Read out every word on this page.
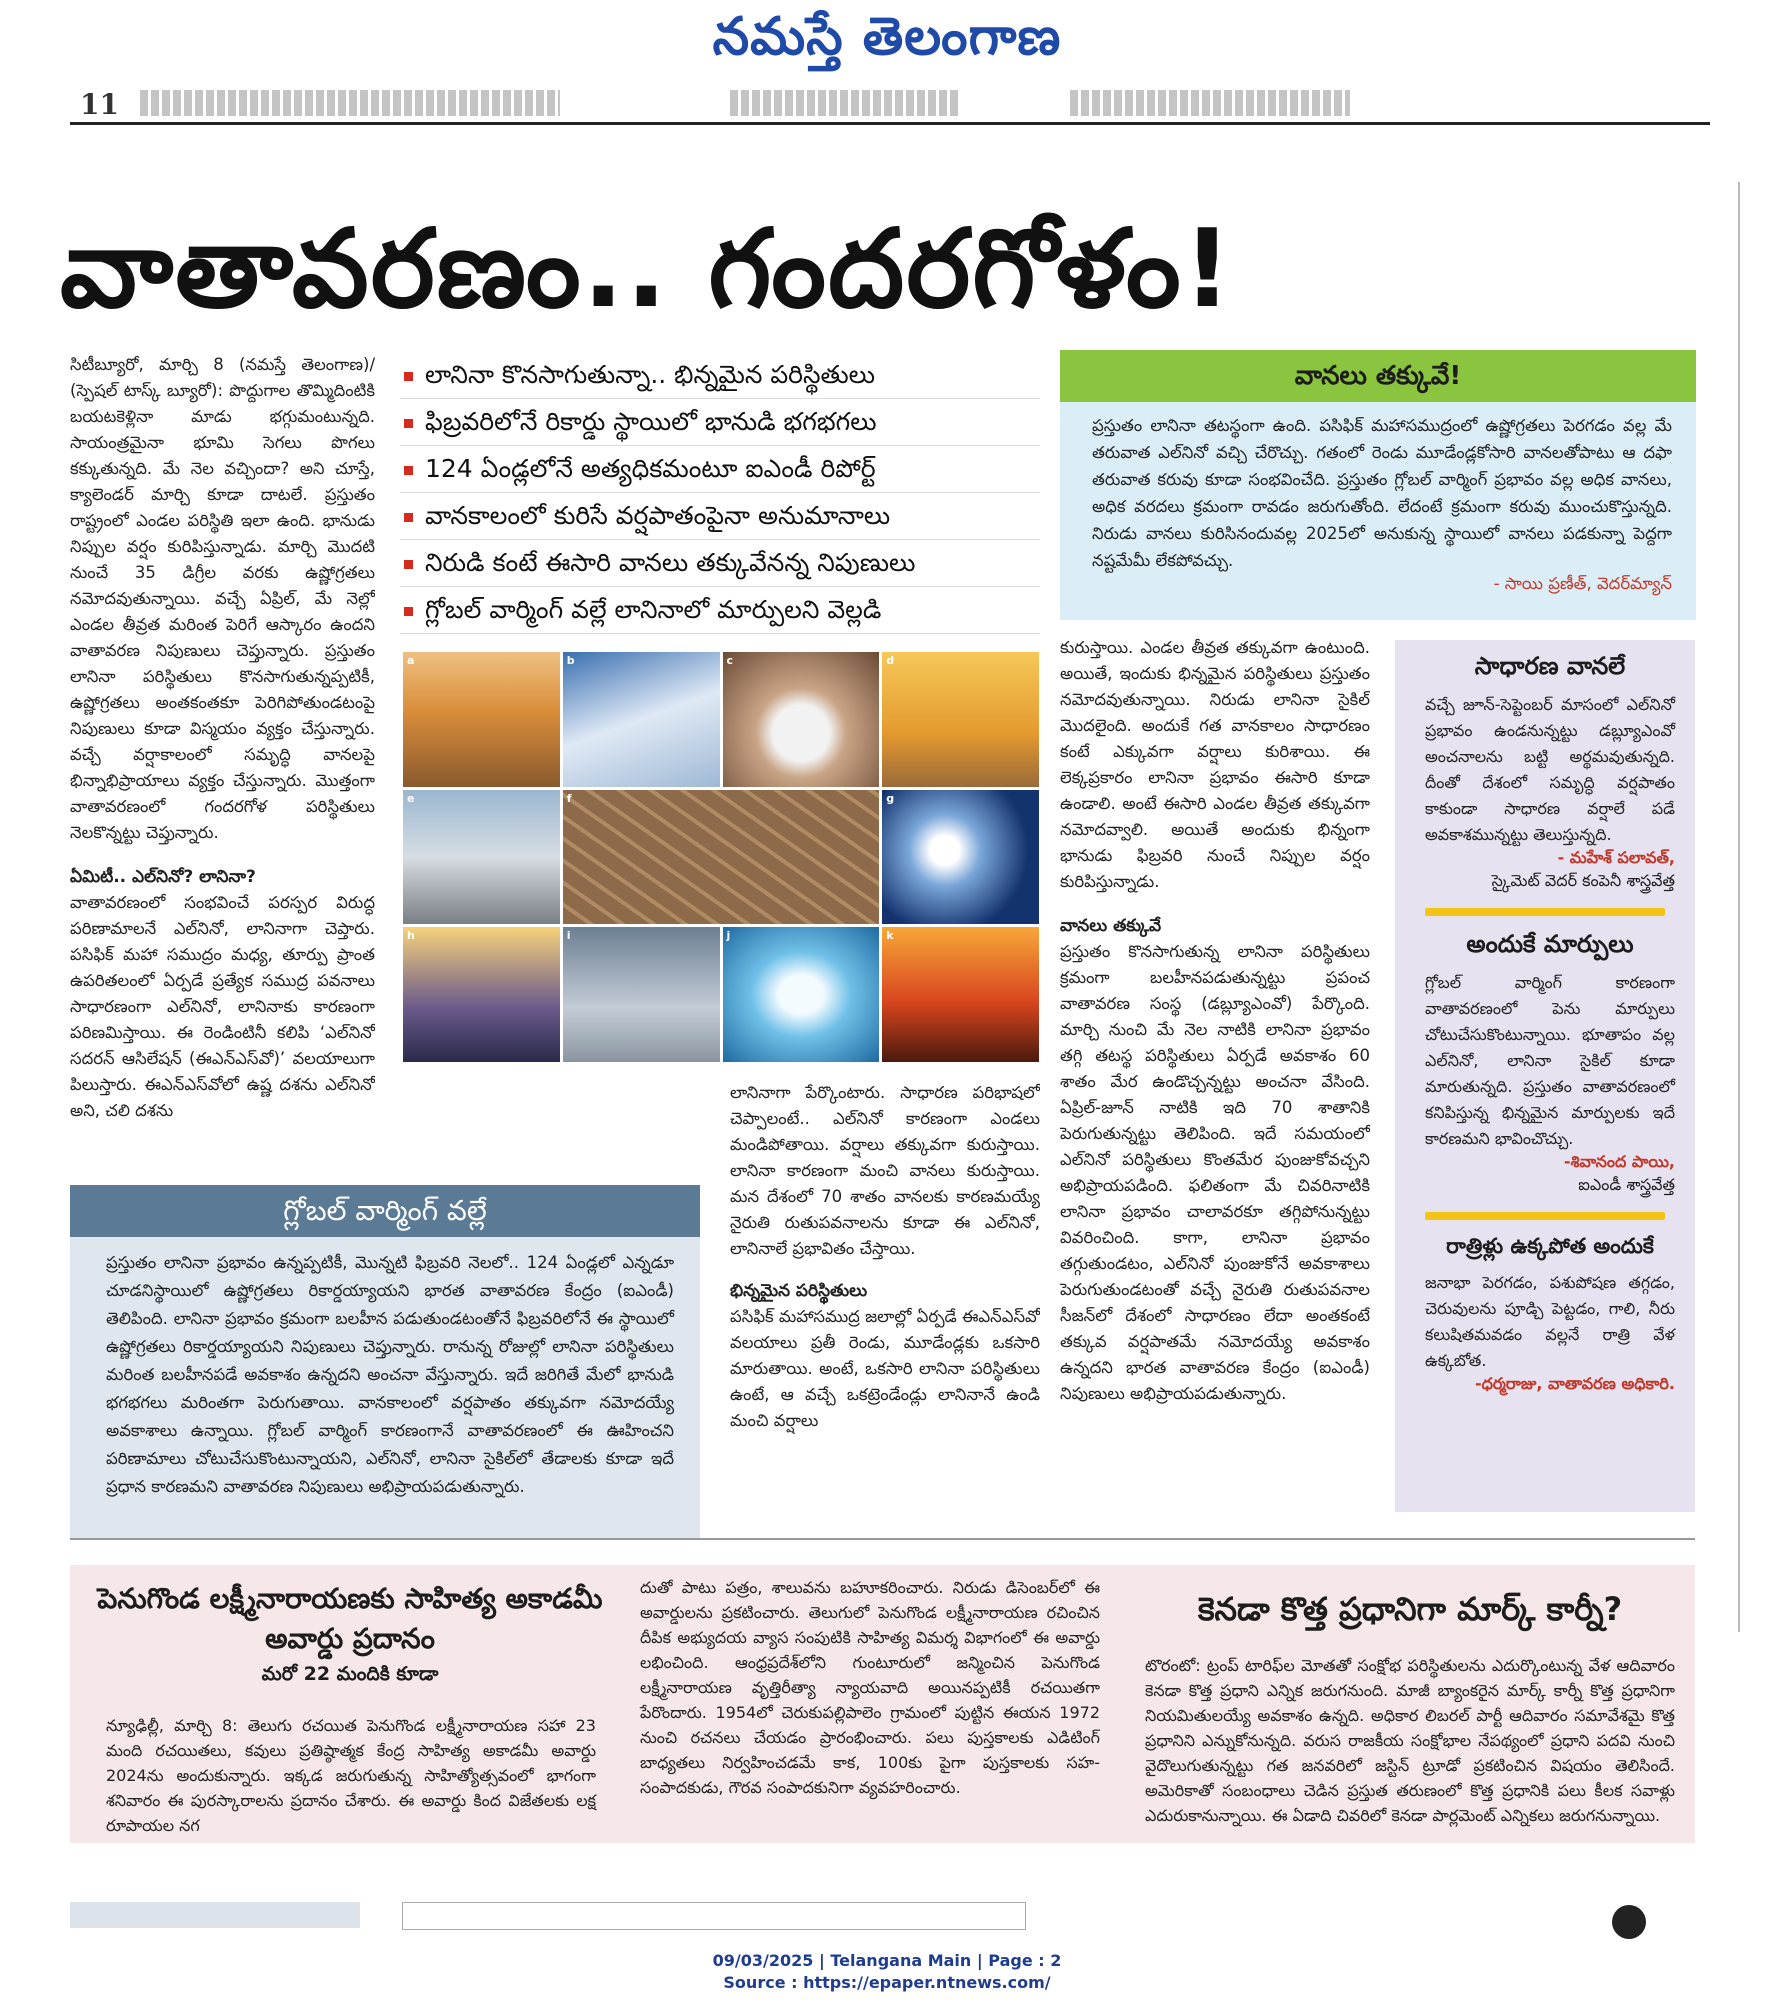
నమస్తే తెలంగాణ
11
వాతావరణం.. గందరగోళం!
సిటీబ్యూరో, మార్చి 8 (నమస్తే తెలంగాణ)/ (స్పెషల్ టాస్క్ బ్యూరో): పొద్దుగాల తొమ్మిదింటికి బయటకెళ్లినా మాడు భగ్గుమంటున్నది. సాయంత్రమైనా భూమి సెగలు పొగలు కక్కుతున్నది. మే నెల వచ్చిందా? అని చూస్తే, క్యాలెండర్ మార్చి కూడా దాటలే. ప్రస్తుతం రాష్ట్రంలో ఎండల పరిస్థితి ఇలా ఉంది. భానుడు నిప్పుల వర్షం కురిపిస్తున్నాడు. మార్చి మొదటి నుంచే 35 డిగ్రీల వరకు ఉష్ణోగ్రతలు నమోదవుతున్నాయి. వచ్చే ఏప్రిల్, మే నెల్లో ఎండల తీవ్రత మరింత పెరిగే ఆస్కారం ఉందని వాతావరణ నిపుణులు చెప్తున్నారు. ప్రస్తుతం లానినా పరిస్థితులు కొనసాగుతున్నప్పటికీ, ఉష్ణోగ్రతలు అంతకంతకూ పెరిగిపోతుండటంపై నిపుణులు కూడా విస్మయం వ్యక్తం చేస్తున్నారు. వచ్చే వర్షాకాలంలో సమృద్ధి వానలపై భిన్నాభిప్రాయాలు వ్యక్తం చేస్తున్నారు. మొత్తంగా వాతావరణంలో గందరగోళ పరిస్థితులు నెలకొన్నట్టు చెప్తున్నారు.
ఏమిటీ.. ఎల్‌నినో? లానినా?
వాతావరణంలో సంభవించే పరస్పర విరుద్ధ పరిణామాలనే ఎల్‌నినో, లానినాగా చెప్తారు. పసిఫిక్ మహా సముద్రం మధ్య, తూర్పు ప్రాంత ఉపరితలంలో ఏర్పడే ప్రత్యేక సముద్ర పవనాలు సాధారణంగా ఎల్‌నినో, లానినాకు కారణంగా పరిణమిస్తాయి. ఈ రెండింటినీ కలిపి ‘ఎల్‌నినో సదరన్ ఆసిలేషన్ (ఈఎన్‌ఎస్‌వో)’ వలయాలుగా పిలుస్తారు. ఈఎన్‌ఎస్‌వోలో ఉష్ణ దశను ఎల్‌నినో అని, చలి దశను
లానినా కొనసాగుతున్నా.. భిన్నమైన పరిస్థితులు
ఫిబ్రవరిలోనే రికార్డు స్థాయిలో భానుడి భగభగలు
124 ఏండ్లలోనే అత్యధికమంటూ ఐఎండీ రిపోర్ట్
వానకాలంలో కురిసే వర్షపాతంపైనా అనుమానాలు
నిరుడి కంటే ఈసారి వానలు తక్కువేనన్న నిపుణులు
గ్లోబల్ వార్మింగ్ వల్లే లానినాలో మార్పులని వెల్లడి
a	b	c	d
e	f	g
h	i	j	k
లానినాగా పేర్కొంటారు. సాధారణ పరిభాషలో చెప్పాలంటే.. ఎల్‌నినో కారణంగా ఎండలు మండిపోతాయి. వర్షాలు తక్కువగా కురుస్తాయి. లానినా కారణంగా మంచి వానలు కురుస్తాయి. మన దేశంలో 70 శాతం వానలకు కారణమయ్యే నైరుతి రుతుపవనాలను కూడా ఈ ఎల్‌నినో, లానినాలే ప్రభావితం చేస్తాయి.
భిన్నమైన పరిస్థితులు
పసిఫిక్ మహాసముద్ర జలాల్లో ఏర్పడే ఈఎన్‌ఎస్‌వో వలయాలు ప్రతీ రెండు, మూడేండ్లకు ఒకసారి మారుతాయి. అంటే, ఒకసారి లానినా పరిస్థితులు ఉంటే, ఆ వచ్చే ఒకట్రెండేండ్లు లానినానే ఉండి మంచి వర్షాలు
వానలు తక్కువే!
ప్రస్తుతం లానినా తటస్థంగా ఉంది. పసిఫిక్ మహాసముద్రంలో ఉష్ణోగ్రతలు పెరగడం వల్ల మే తరువాత ఎల్‌నినో వచ్చి చేరొచ్చు. గతంలో రెండు మూడేండ్లకోసారి వానలతోపాటు ఆ దఫా తరువాత కరువు కూడా సంభవించేది. ప్రస్తుతం గ్లోబల్ వార్మింగ్ ప్రభావం వల్ల అధిక వానలు, అధిక వరదలు క్రమంగా రావడం జరుగుతోంది. లేదంటే క్రమంగా కరువు ముంచుకొస్తున్నది. నిరుడు వానలు కురిసినందువల్ల 2025లో అనుకున్న స్థాయిలో వానలు పడకున్నా పెద్దగా నష్టమేమీ లేకపోవచ్చు.
- సాయి ప్రణీత్, వెదర్‌మ్యాన్
కురుస్తాయి. ఎండల తీవ్రత తక్కువగా ఉంటుంది. అయితే, ఇందుకు భిన్నమైన పరిస్థితులు ప్రస్తుతం నమోదవుతున్నాయి. నిరుడు లానినా సైకిల్ మొదలైంది. అందుకే గత వానకాలం సాధారణం కంటే ఎక్కువగా వర్షాలు కురిశాయి. ఈ లెక్కప్రకారం లానినా ప్రభావం ఈసారి కూడా ఉండాలి. అంటే ఈసారి ఎండల తీవ్రత తక్కువగా నమోదవ్వాలి. అయితే అందుకు భిన్నంగా భానుడు ఫిబ్రవరి నుంచే నిప్పుల వర్షం కురిపిస్తున్నాడు.
వానలు తక్కువే
ప్రస్తుతం కొనసాగుతున్న లానినా పరిస్థితులు క్రమంగా బలహీనపడుతున్నట్టు ప్రపంచ వాతావరణ సంస్థ (డబ్ల్యూఎంవో) పేర్కొంది. మార్చి నుంచి మే నెల నాటికి లానినా ప్రభావం తగ్గి తటస్థ పరిస్థితులు ఏర్పడే అవకాశం 60 శాతం మేర ఉండొచ్చన్నట్టు అంచనా వేసింది. ఏప్రిల్-జూన్ నాటికి ఇది 70 శాతానికి పెరుగుతున్నట్టు తెలిపింది. ఇదే సమయంలో ఎల్‌నినో పరిస్థితులు కొంతమేర పుంజుకోవచ్చని అభిప్రాయపడింది. ఫలితంగా మే చివరినాటికి లానినా ప్రభావం చాలావరకూ తగ్గిపోనున్నట్టు వివరించింది. కాగా, లానినా ప్రభావం తగ్గుతుండటం, ఎల్‌నినో పుంజుకోనే అవకాశాలు పెరుగుతుండటంతో వచ్చే నైరుతి రుతుపవనాల సీజన్‌లో దేశంలో సాధారణం లేదా అంతకంటే తక్కువ వర్షపాతమే నమోదయ్యే అవకాశం ఉన్నదని భారత వాతావరణ కేంద్రం (ఐఎండీ) నిపుణులు అభిప్రాయపడుతున్నారు.
సాధారణ వానలే
వచ్చే జూన్-సెప్టెంబర్ మాసంలో ఎల్‌నినో ప్రభావం ఉండనున్నట్టు డబ్ల్యూఎంవో అంచనాలను బట్టి అర్థమవుతున్నది. దీంతో దేశంలో సమృద్ధి వర్షపాతం కాకుండా సాధారణ వర్షాలే పడే అవకాశమున్నట్టు తెలుస్తున్నది.
- మహేశ్ పలావత్,
స్కైమెట్ వెదర్ కంపెనీ శాస్త్రవేత్త
అందుకే మార్పులు
గ్లోబల్ వార్మింగ్ కారణంగా వాతావరణంలో పెను మార్పులు చోటుచేసుకొంటున్నాయి. భూతాపం వల్ల ఎల్‌నినో, లానినా సైకిల్ కూడా మారుతున్నది. ప్రస్తుతం వాతావరణంలో కనిపిస్తున్న భిన్నమైన మార్పులకు ఇదే కారణమని భావించొచ్చు.
-శివానంద పాయి,
ఐఎండీ శాస్త్రవేత్త
రాత్రిళ్లు ఉక్కపోత అందుకే
జనాభా పెరగడం, పశుపోషణ తగ్గడం, చెరువులను పూడ్చి పెట్టడం, గాలి, నీరు కలుషితమవడం వల్లనే రాత్రి వేళ ఉక్కబోత.
-ధర్మరాజు, వాతావరణ అధికారి.
గ్లోబల్ వార్మింగ్ వల్లే
ప్రస్తుతం లానినా ప్రభావం ఉన్నప్పటికీ, మొన్నటి ఫిబ్రవరి నెలలో.. 124 ఏండ్లలో ఎన్నడూ చూడనిస్థాయిలో ఉష్ణోగ్రతలు రికార్డయ్యాయని భారత వాతావరణ కేంద్రం (ఐఎండీ) తెలిపింది. లానినా ప్రభావం క్రమంగా బలహీన పడుతుండటంతోనే ఫిబ్రవరిలోనే ఈ స్థాయిలో ఉష్ణోగ్రతలు రికార్డయ్యాయని నిపుణులు చెప్తున్నారు. రానున్న రోజుల్లో లానినా పరిస్థితులు మరింత బలహీనపడే అవకాశం ఉన్నదని అంచనా వేస్తున్నారు. ఇదే జరిగితే మేలో భానుడి భగభగలు మరింతగా పెరుగుతాయి. వానకాలంలో వర్షపాతం తక్కువగా నమోదయ్యే అవకాశాలు ఉన్నాయి. గ్లోబల్ వార్మింగ్ కారణంగానే వాతావరణంలో ఈ ఊహించని పరిణామాలు చోటుచేసుకొంటున్నాయని, ఎల్‌నినో, లానినా సైకిల్‌లో తేడాలకు కూడా ఇదే ప్రధాన కారణమని వాతావరణ నిపుణులు అభిప్రాయపడుతున్నారు.
పెనుగొండ లక్ష్మీనారాయణకు సాహిత్య అకాడమీ అవార్డు ప్రదానం
మరో 22 మందికి కూడా
న్యూఢిల్లీ, మార్చి 8: తెలుగు రచయిత పెనుగొండ లక్ష్మీనారాయణ సహా 23 మంది రచయితలు, కవులు ప్రతిష్ఠాత్మక కేంద్ర సాహిత్య అకాడమీ అవార్డు 2024ను అందుకున్నారు. ఇక్కడ జరుగుతున్న సాహిత్యోత్సవంలో భాగంగా శనివారం ఈ పురస్కారాలను ప్రదానం చేశారు. ఈ అవార్డు కింద విజేతలకు లక్ష రూపాయల నగ
దుతో పాటు పత్రం, శాలువను బహూకరించారు. నిరుడు డిసెంబర్‌లో ఈ అవార్డులను ప్రకటించారు. తెలుగులో పెనుగొండ లక్ష్మీనారాయణ రచించిన దీపిక అభ్యుదయ వ్యాస సంపుటికి సాహిత్య విమర్శ విభాగంలో ఈ అవార్డు లభించింది. ఆంధ్రప్రదేశ్‌లోని గుంటూరులో జన్మించిన పెనుగొండ లక్ష్మీనారాయణ వృత్తిరీత్యా న్యాయవాది అయినప్పటికీ రచయితగా పేరొందారు. 1954లో చెరుకుపల్లిపాలెం గ్రామంలో పుట్టిన ఈయన 1972 నుంచి రచనలు చేయడం ప్రారంభించారు. పలు పుస్తకాలకు ఎడిటింగ్ బాధ్యతలు నిర్వహించడమే కాక, 100కు పైగా పుస్తకాలకు సహ-సంపాదకుడు, గౌరవ సంపాదకునిగా వ్యవహరించారు.
కెనడా కొత్త ప్రధానిగా మార్క్ కార్నీ?
టొరంటో: ట్రంప్ టారిఫ్‌ల మోతతో సంక్షోభ పరిస్థితులను ఎదుర్కొంటున్న వేళ ఆదివారం కెనడా కొత్త ప్రధాని ఎన్నిక జరుగనుంది. మాజీ బ్యాంకరైన మార్క్ కార్నీ కొత్త ప్రధానిగా నియమితులయ్యే అవకాశం ఉన్నది. అధికార లిబరల్ పార్టీ ఆదివారం సమావేశమై కొత్త ప్రధానిని ఎన్నుకోనున్నది. వరుస రాజకీయ సంక్షోభాల నేపథ్యంలో ప్రధాని పదవి నుంచి వైదొలుగుతున్నట్టు గత జనవరిలో జస్టిన్ ట్రూడో ప్రకటించిన విషయం తెలిసిందే. అమెరికాతో సంబంధాలు చెడిన ప్రస్తుత తరుణంలో కొత్త ప్రధానికి పలు కీలక సవాళ్లు ఎదురుకానున్నాయి. ఈ ఏడాది చివరిలో కెనడా పార్లమెంట్ ఎన్నికలు జరుగనున్నాయి.
09/03/2025 | Telangana Main | Page : 2
Source : https://epaper.ntnews.com/
